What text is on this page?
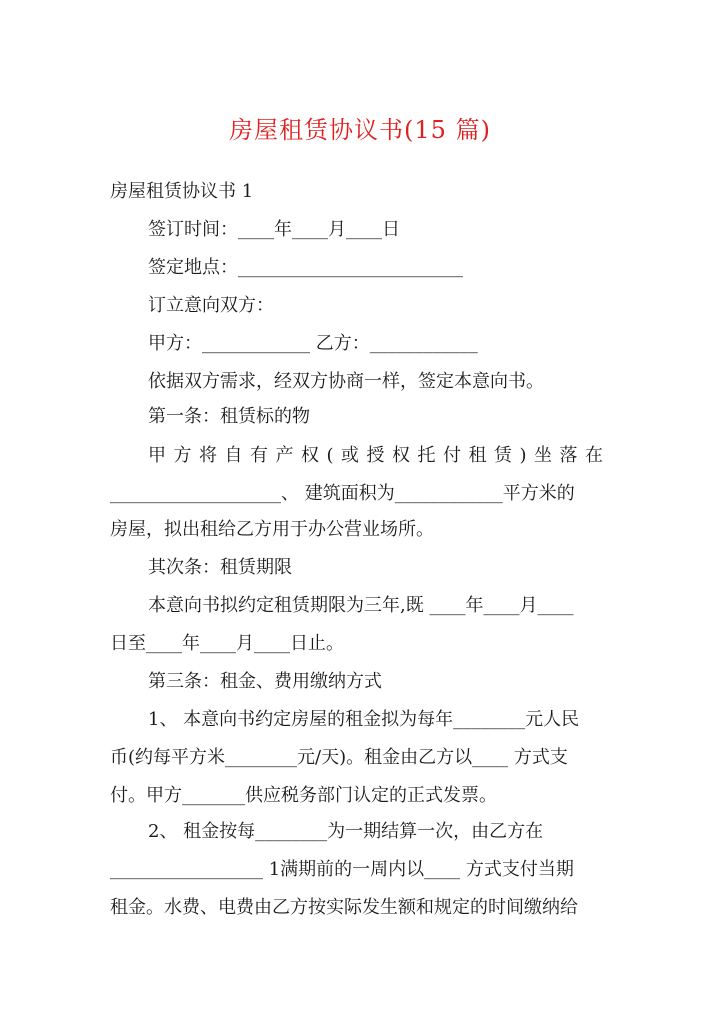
房屋租赁协议书(15 篇)
房屋租赁协议书 1
签订时间：____年____月____日
签定地点：_________________________
订立意向双方：
甲方：____________ 乙方：____________
依据双方需求，经双方协商一样，签定本意向书。
第一条：租赁标的物
甲方将自有产权(或授权托付租赁)坐落在
___________________、 建筑面积为____________平方米的
房屋，拟出租给乙方用于办公营业场所。
其次条：租赁期限
本意向书拟约定租赁期限为三年,既 ____年____月____
日至____年____月____日止。
第三条：租金、费用缴纳方式
1、 本意向书约定房屋的租金拟为每年________元人民
币(约每平方米________元/天)。租金由乙方以____ 方式支
付。甲方_______供应税务部门认定的正式发票。
2、 租金按每________为一期结算一次，由乙方在
_________________ 1满期前的一周内以____ 方式支付当期
租金。水费、电费由乙方按实际发生额和规定的时间缴纳给
